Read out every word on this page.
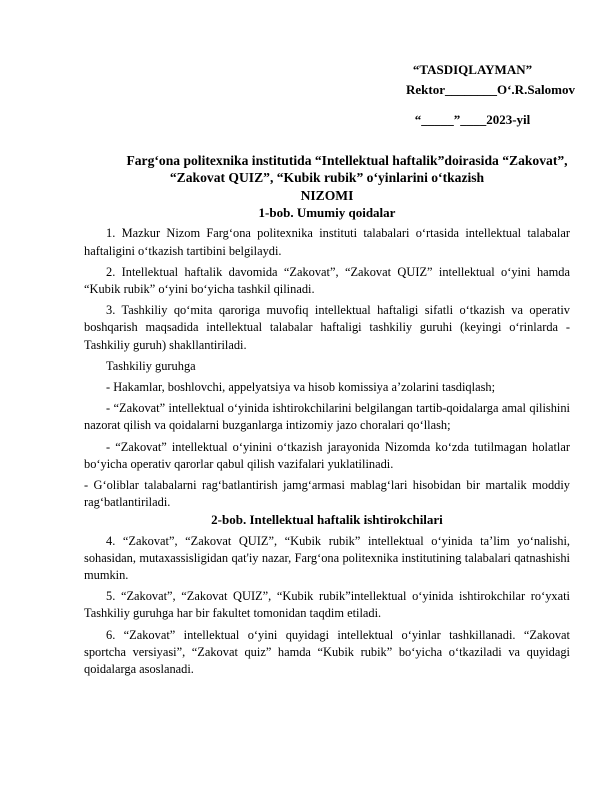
“TASDIQLAYMAN”
Rektor________O‘.R.Salomov
“_____”____2023-yil
Farg‘ona politexnika institutida “Intellektual haftalik”doirasida “Zakovat”,
“Zakovat QUIZ”, “Kubik rubik” o‘yinlarini o‘tkazish
NIZOMI
1-bob. Umumiy qoidalar

1. Mazkur Nizom Farg‘ona politexnika instituti talabalari o‘rtasida intellektual talabalar haftaligini o‘tkazish tartibini belgilaydi.

2. Intellektual haftalik davomida “Zakovat”, “Zakovat QUIZ” intellektual o‘yini hamda “Kubik rubik” o‘yini bo‘yicha tashkil qilinadi.

3. Tashkiliy qo‘mita qaroriga muvofiq intellektual haftaligi sifatli o‘tkazish va operativ boshqarish maqsadida intellektual talabalar haftaligi tashkiliy guruhi (keyingi o‘rinlarda - Tashkiliy guruh) shakllantiriladi.

Tashkiliy guruhga

- Hakamlar, boshlovchi, appelyatsiya va hisob komissiya a’zolarini tasdiqlash;

- “Zakovat” intellektual o‘yinida ishtirokchilarini belgilangan tartib-qoidalarga amal qilishini nazorat qilish va qoidalarni buzganlarga intizomiy jazo choralari qo‘llash;

- “Zakovat” intellektual o‘yinini o‘tkazish jarayonida Nizomda ko‘zda tutilmagan holatlar bo‘yicha operativ qarorlar qabul qilish vazifalari yuklatilinadi.

- G‘oliblar talabalarni rag‘batlantirish jamg‘armasi mablag‘lari hisobidan bir martalik moddiy rag‘batlantiriladi.

2-bob. Intellektual haftalik ishtirokchilari

4. “Zakovat”, “Zakovat QUIZ”, “Kubik rubik” intellektual o‘yinida ta’lim yo‘nalishi, sohasidan, mutaxassisligidan qat'iy nazar, Farg‘ona politexnika institutining talabalari qatnashishi mumkin.

5. “Zakovat”, “Zakovat QUIZ”, “Kubik rubik”intellektual o‘yinida ishtirokchilar ro‘yxati Tashkiliy guruhga har bir fakultet tomonidan taqdim etiladi.

6. “Zakovat” intellektual o‘yini quyidagi intellektual o‘yinlar tashkillanadi. “Zakovat sportcha versiyasi”, “Zakovat quiz” hamda “Kubik rubik” bo‘yicha o‘tkaziladi va quyidagi qoidalarga asoslanadi.
